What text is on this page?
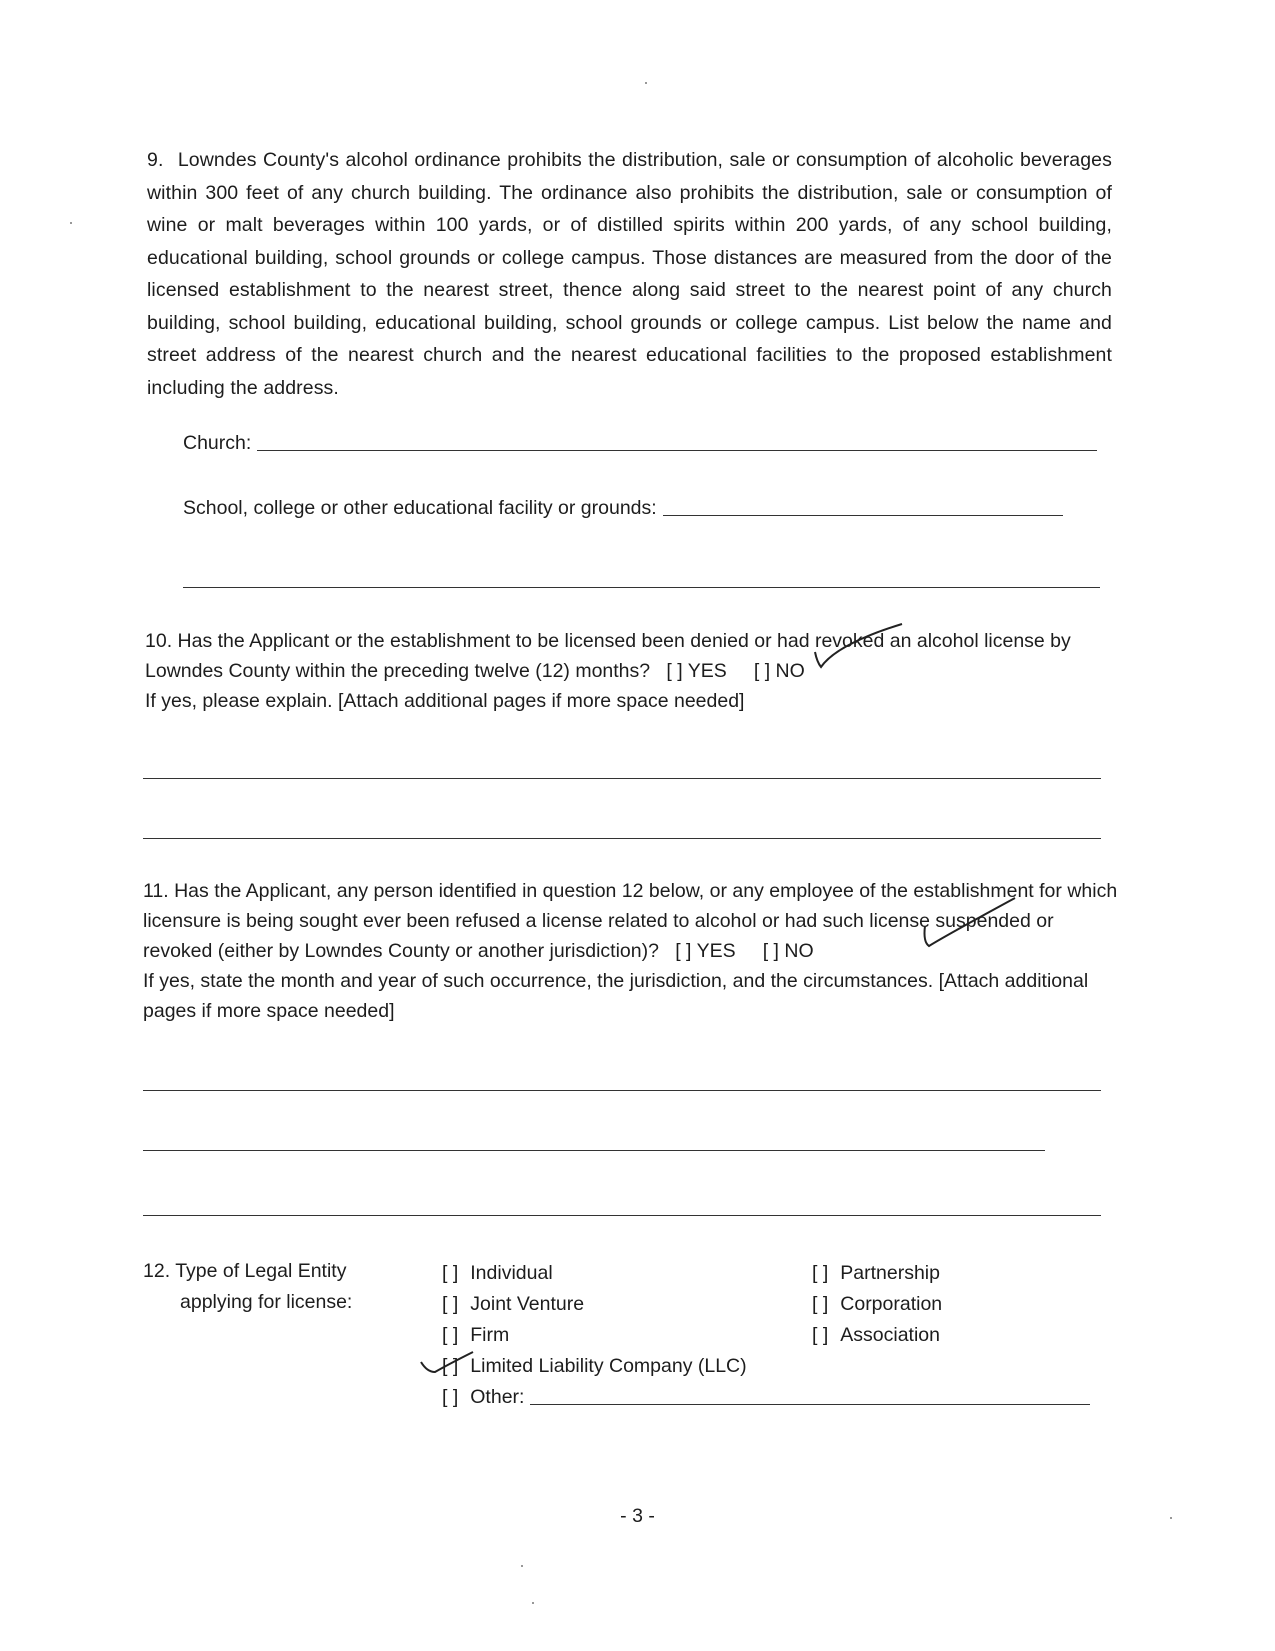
9. Lowndes County's alcohol ordinance prohibits the distribution, sale or consumption of alcoholic beverages within 300 feet of any church building. The ordinance also prohibits the distribution, sale or consumption of wine or malt beverages within 100 yards, or of distilled spirits within 200 yards, of any school building, educational building, school grounds or college campus. Those distances are measured from the door of the licensed establishment to the nearest street, thence along said street to the nearest point of any church building, school building, educational building, school grounds or college campus. List below the name and street address of the nearest church and the nearest educational facilities to the proposed establishment including the address.
Church:
School, college or other educational facility or grounds:
10. Has the Applicant or the establishment to be licensed been denied or had revoked an alcohol license by Lowndes County within the preceding twelve (12) months? [ ] YES [ ] NO
If yes, please explain. [Attach additional pages if more space needed]
11. Has the Applicant, any person identified in question 12 below, or any employee of the establishment for which licensure is being sought ever been refused a license related to alcohol or had such license suspended or revoked (either by Lowndes County or another jurisdiction)? [ ] YES [ ] NO
If yes, state the month and year of such occurrence, the jurisdiction, and the circumstances. [Attach additional pages if more space needed]
12. Type of Legal Entity
applying for license:
[ ] Individual
[ ] Joint Venture
[ ] Firm
[ ] Limited Liability Company (LLC)
[ ] Other:
[ ] Partnership
[ ] Corporation
[ ] Association
- 3 -
